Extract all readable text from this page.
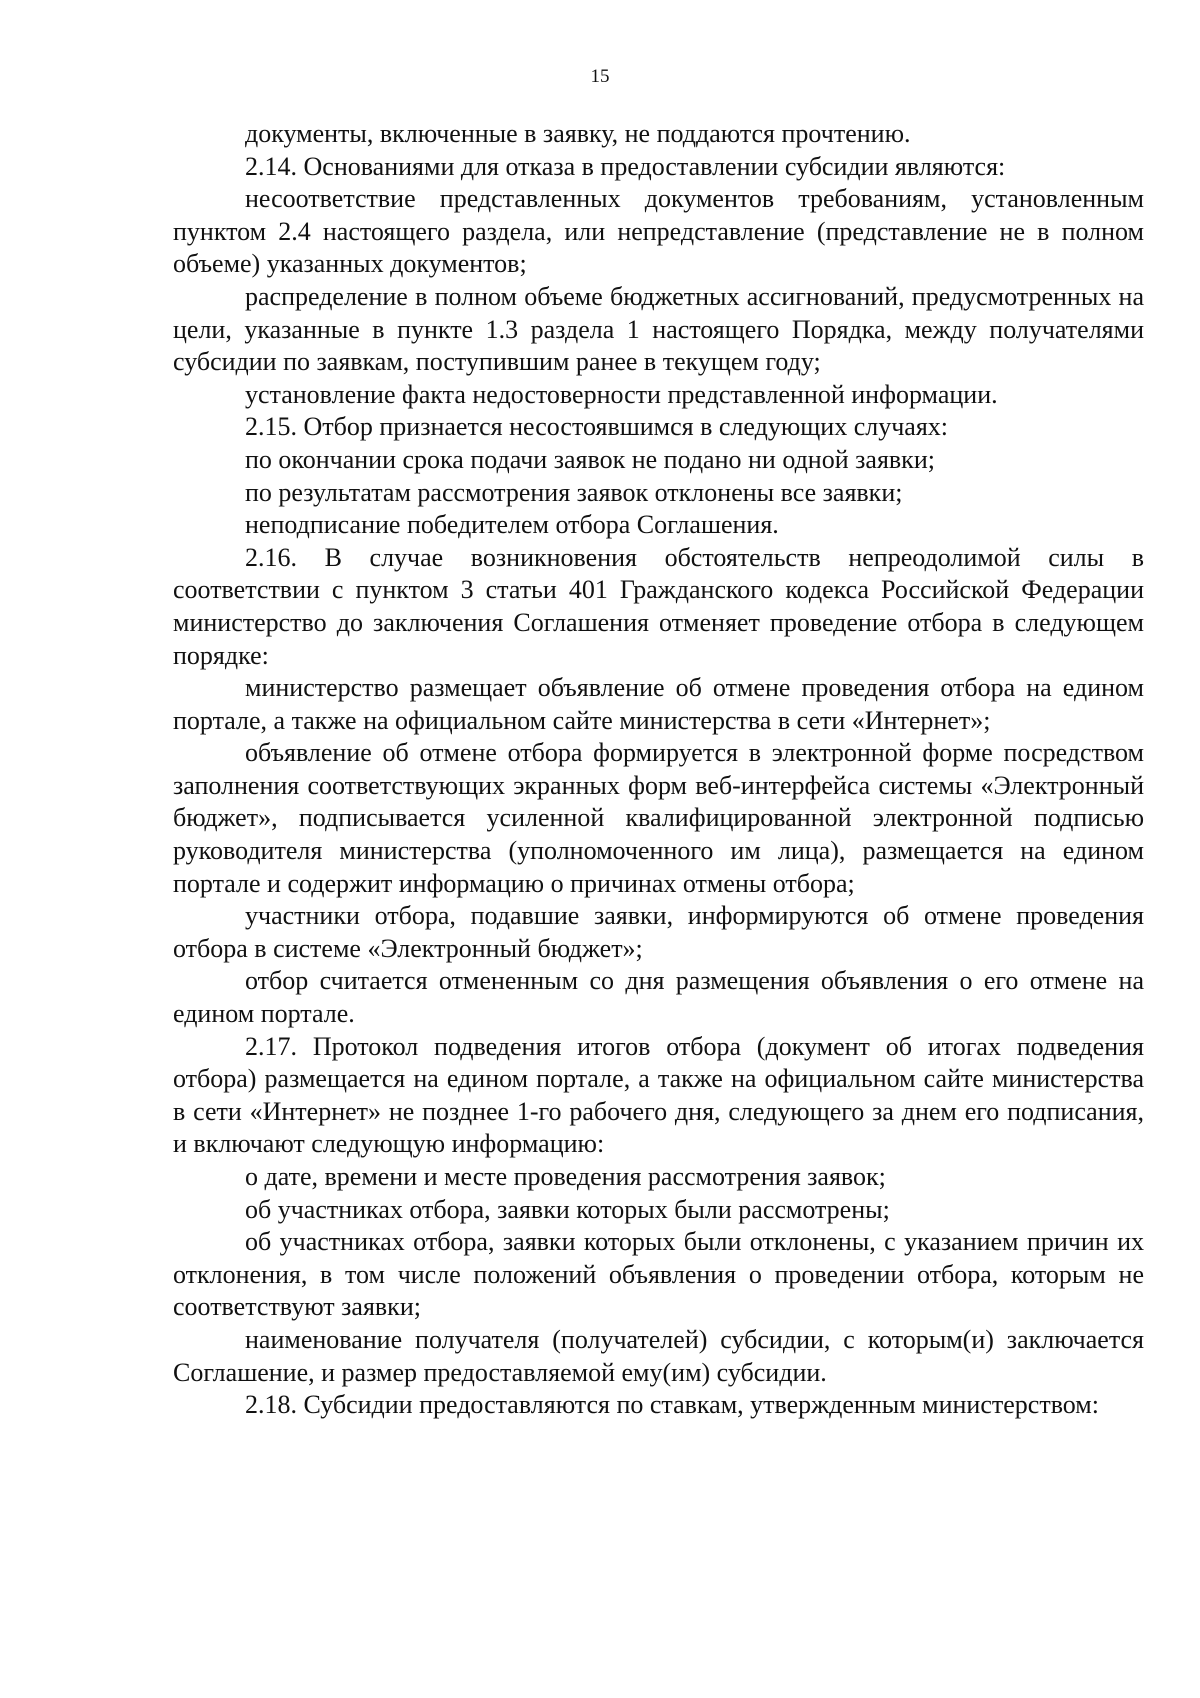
15

документы, включенные в заявку, не поддаются прочтению.

2.14. Основаниями для отказа в предоставлении субсидии являются:

несоответствие представленных документов требованиям, установленным пунктом 2.4 настоящего раздела, или непредставление (представление не в полном объеме) указанных документов;

распределение в полном объеме бюджетных ассигнований, предусмотренных на цели, указанные в пункте 1.3 раздела 1 настоящего Порядка, между получателями субсидии по заявкам, поступившим ранее в текущем году;

установление факта недостоверности представленной информации.

2.15. Отбор признается несостоявшимся в следующих случаях:

по окончании срока подачи заявок не подано ни одной заявки;

по результатам рассмотрения заявок отклонены все заявки;

неподписание победителем отбора Соглашения.

2.16. В случае возникновения обстоятельств непреодолимой силы в соответствии с пунктом 3 статьи 401 Гражданского кодекса Российской Федерации министерство до заключения Соглашения отменяет проведение отбора в следующем порядке:

министерство размещает объявление об отмене проведения отбора на едином портале, а также на официальном сайте министерства в сети «Интернет»;

объявление об отмене отбора формируется в электронной форме посредством заполнения соответствующих экранных форм веб-интерфейса системы «Электронный бюджет», подписывается усиленной квалифицированной электронной подписью руководителя министерства (уполномоченного им лица), размещается на едином портале и содержит информацию о причинах отмены отбора;

участники отбора, подавшие заявки, информируются об отмене проведения отбора в системе «Электронный бюджет»;

отбор считается отмененным со дня размещения объявления о его отмене на едином портале.

2.17. Протокол подведения итогов отбора (документ об итогах подведения отбора) размещается на едином портале, а также на официальном сайте министерства в сети «Интернет» не позднее 1-го рабочего дня, следующего за днем его подписания, и включают следующую информацию:

о дате, времени и месте проведения рассмотрения заявок;

об участниках отбора, заявки которых были рассмотрены;

об участниках отбора, заявки которых были отклонены, с указанием причин их отклонения, в том числе положений объявления о проведении отбора, которым не соответствуют заявки;

наименование получателя (получателей) субсидии, с которым(и) заключается Соглашение, и размер предоставляемой ему(им) субсидии.

2.18. Субсидии предоставляются по ставкам, утвержденным министерством:
